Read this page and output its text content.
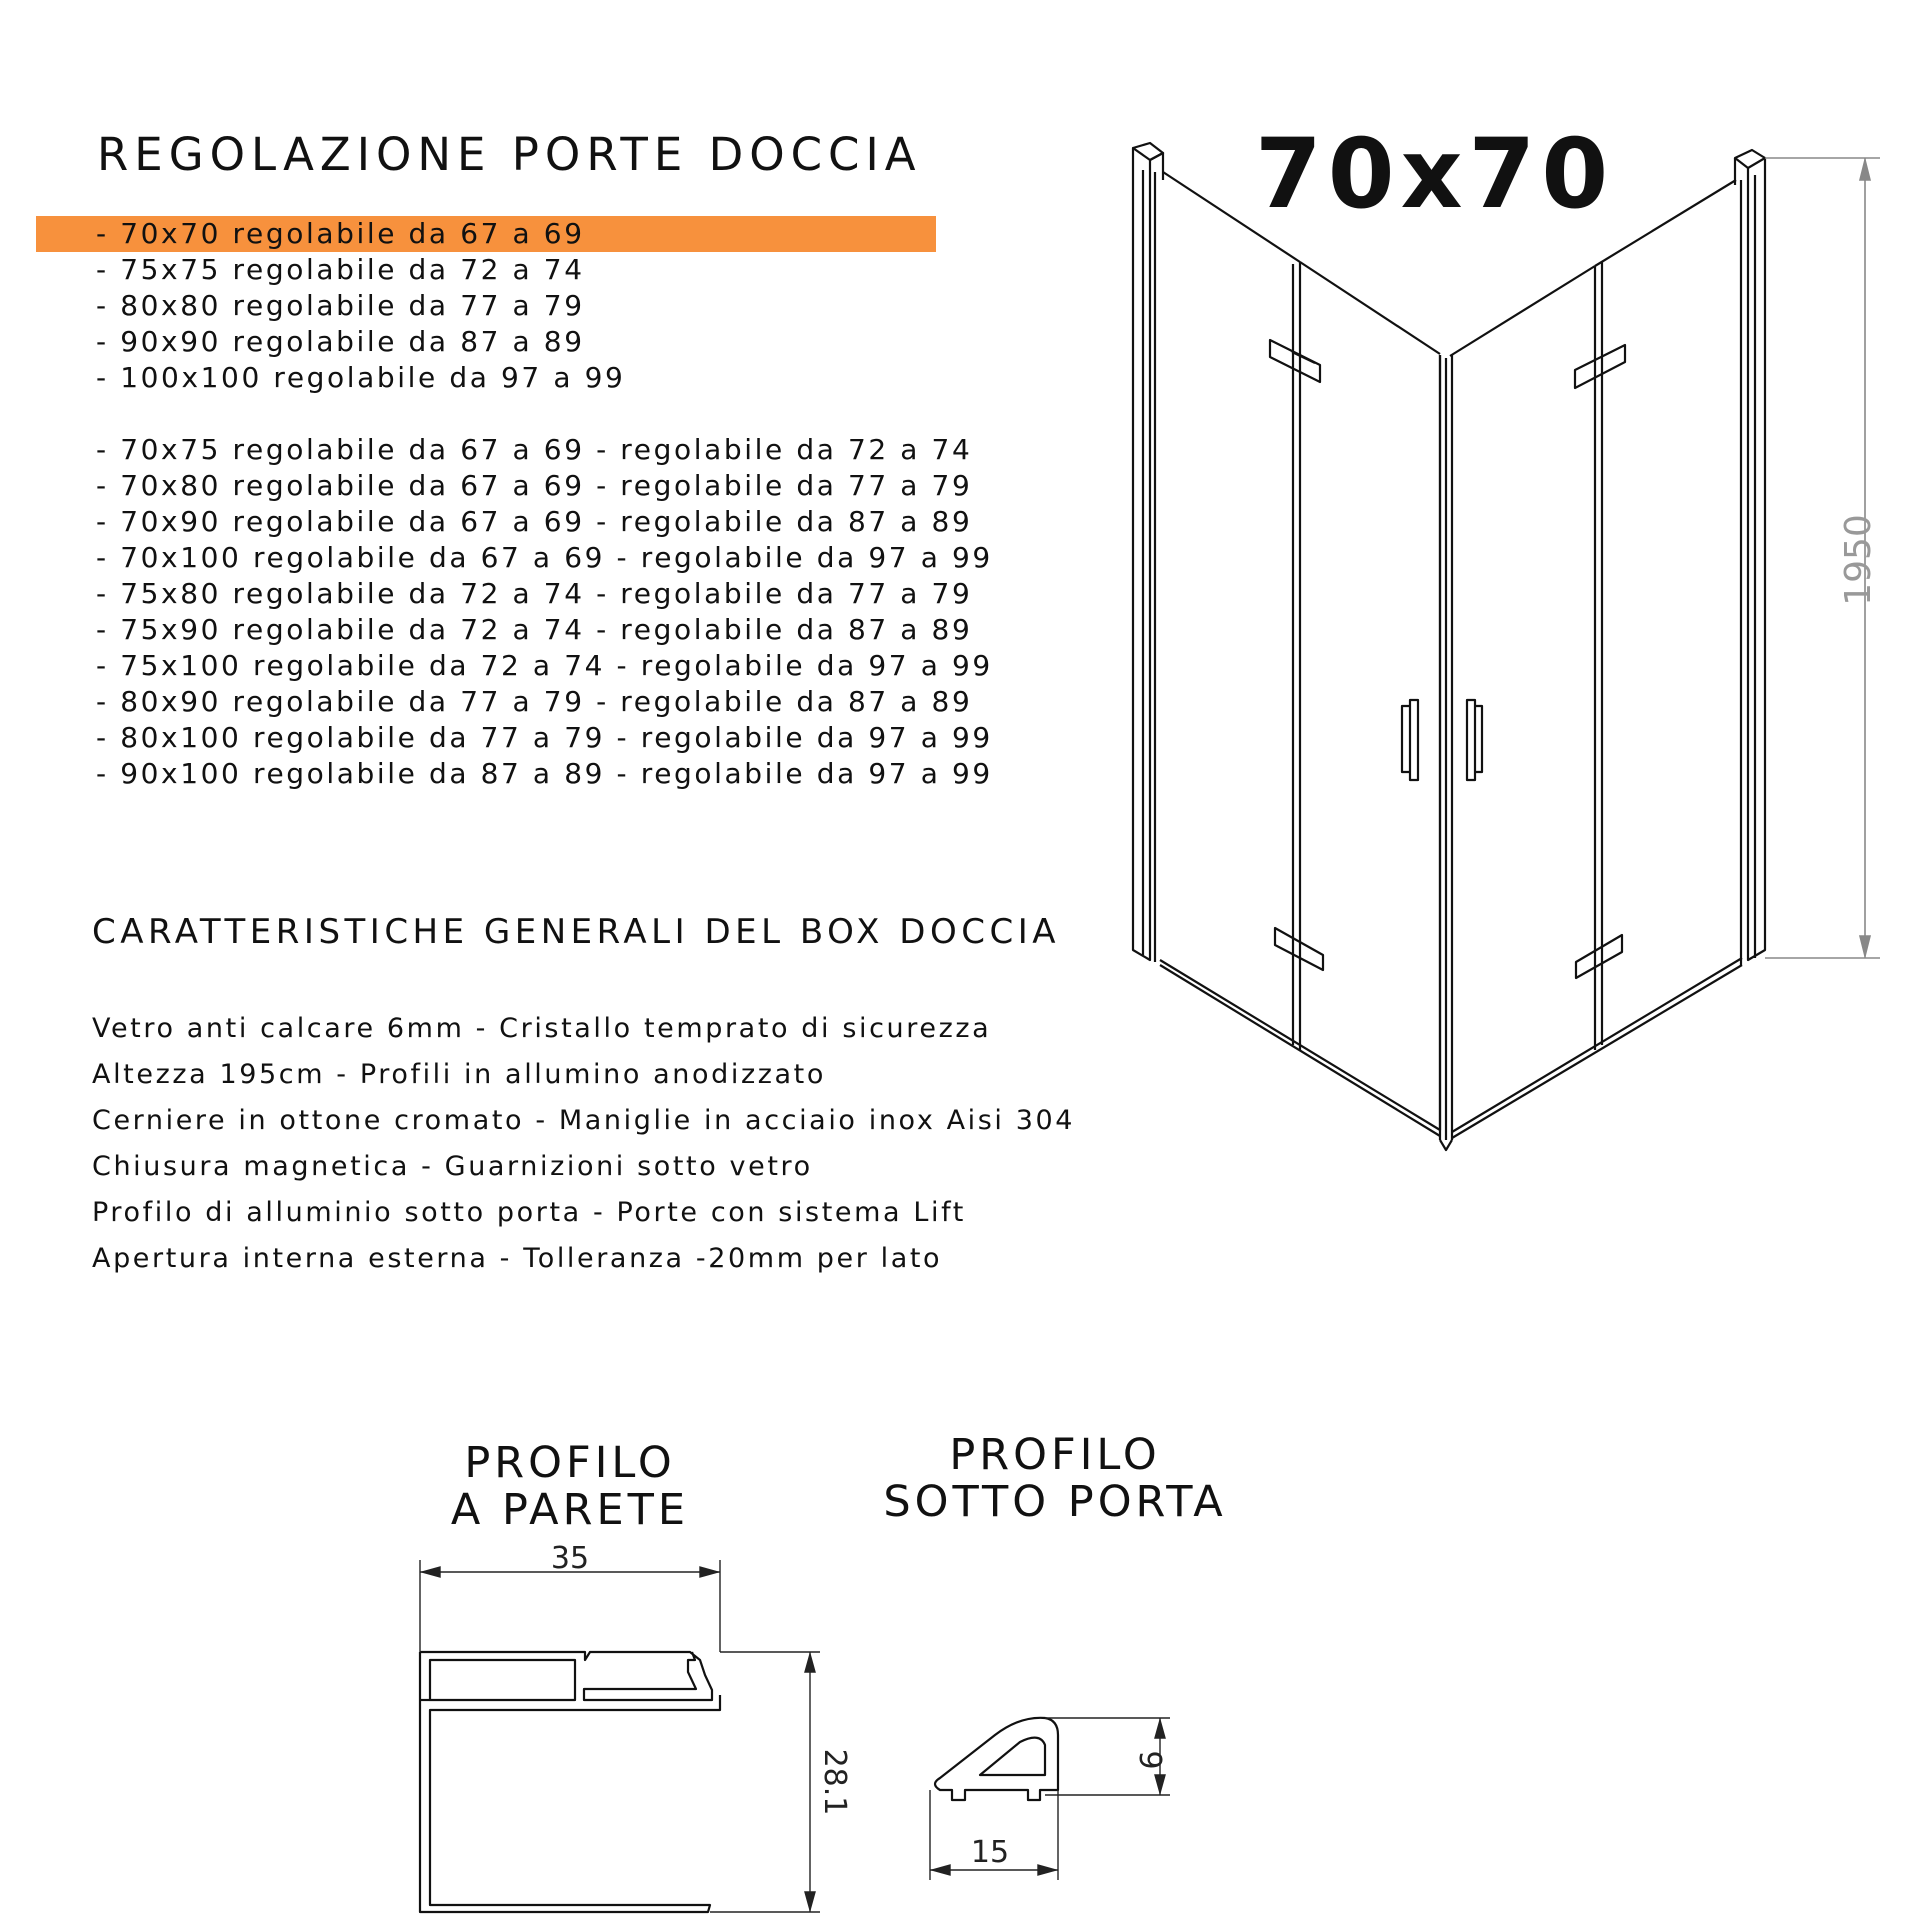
REGOLAZIONE PORTE DOCCIA
- 70x70 regolabile da 67 a 69
- 75x75 regolabile da 72 a 74
- 80x80 regolabile da 77 a 79
- 90x90 regolabile da 87 a 89
- 100x100 regolabile da 97 a 99
- 70x75 regolabile da 67 a 69 - regolabile da 72 a 74
- 70x80 regolabile da 67 a 69 - regolabile da 77 a 79
- 70x90 regolabile da 67 a 69 - regolabile da 87 a 89
- 70x100 regolabile da 67 a 69 - regolabile da 97 a 99
- 75x80 regolabile da 72 a 74 - regolabile da 77 a 79
- 75x90 regolabile da 72 a 74 - regolabile da 87 a 89
- 75x100 regolabile da 72 a 74 - regolabile da 97 a 99
- 80x90 regolabile da 77 a 79 - regolabile da 87 a 89
- 80x100 regolabile da 77 a 79 - regolabile da 97 a 99
- 90x100 regolabile da 87 a 89 - regolabile da 97 a 99
CARATTERISTICHE GENERALI DEL BOX DOCCIA
Vetro anti calcare 6mm - Cristallo temprato di sicurezza
Altezza 195cm - Profili in allumino anodizzato
Cerniere in ottone cromato - Maniglie in acciaio inox Aisi 304
Chiusura magnetica - Guarnizioni sotto vetro
Profilo di alluminio sotto porta - Porte con sistema Lift
Apertura interna esterna - Tolleranza -20mm per lato
70x70
1950
35
28.1	9
15
PROFILO
A PARETE
PROFILO
SOTTO PORTA
